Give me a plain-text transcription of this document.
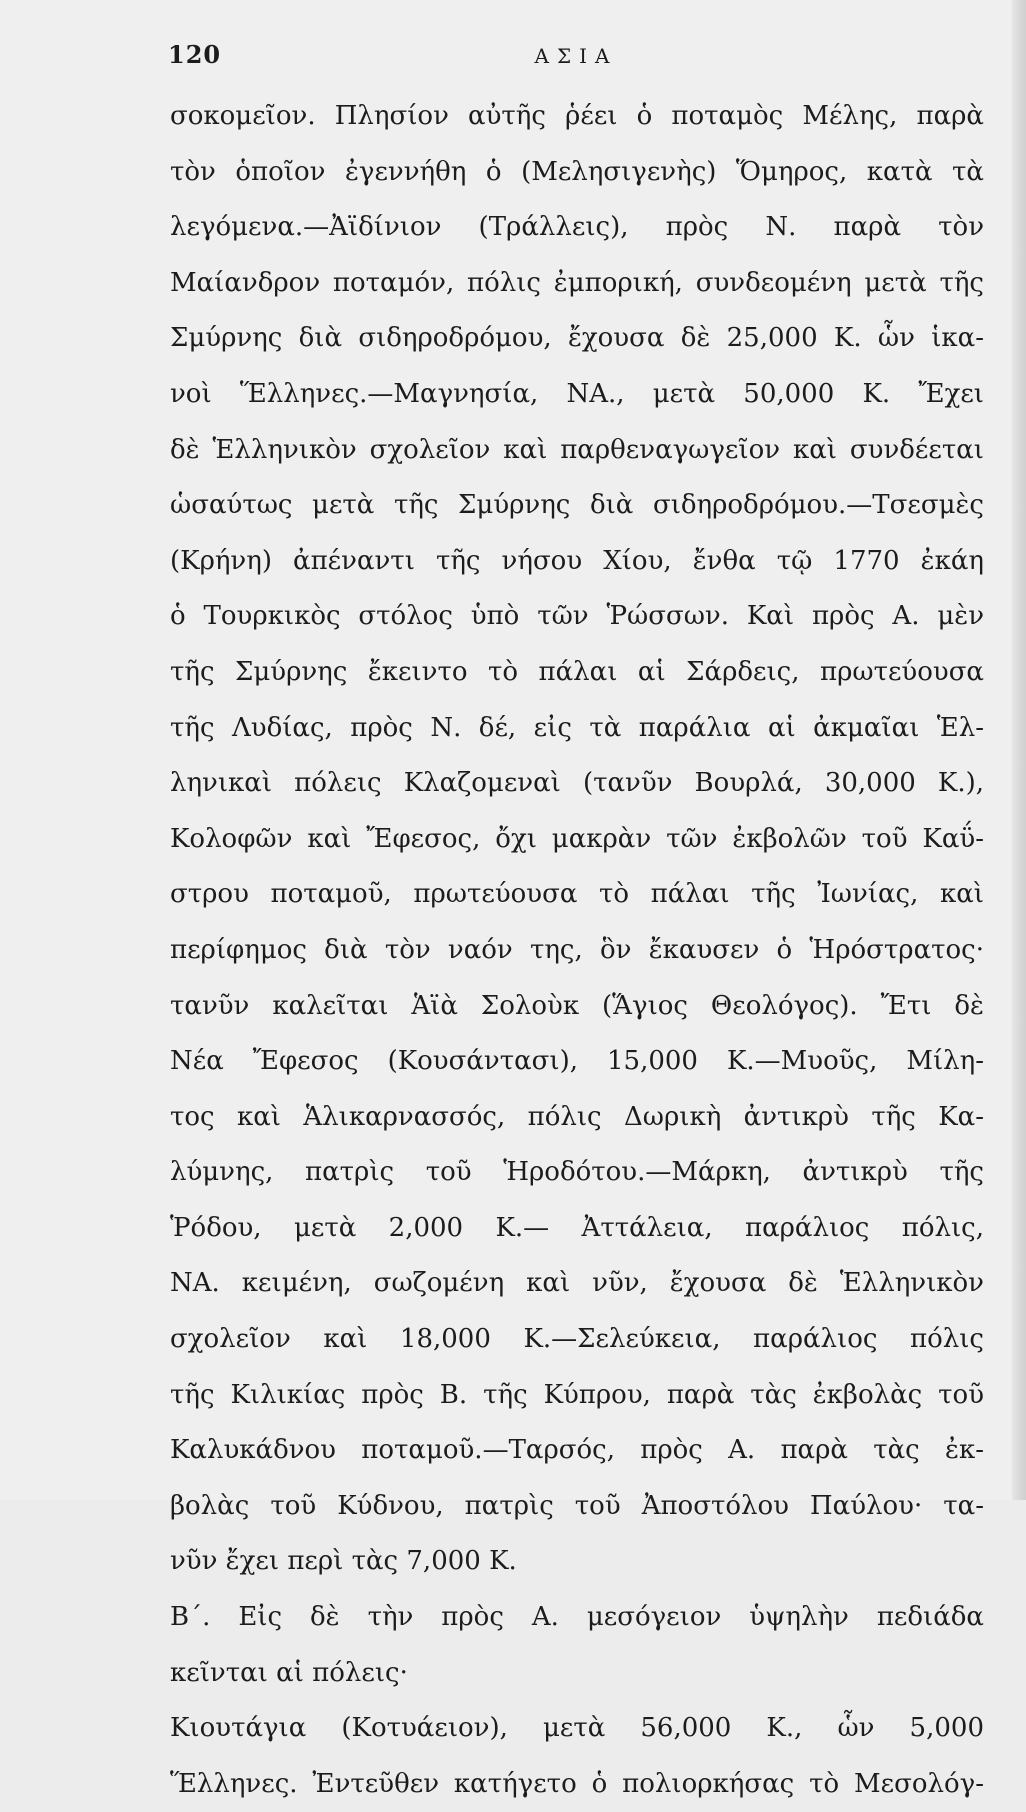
120	ΑΣΙΑ
σοκομεῖον. Πλησίον αὐτῆς ῥέει ὁ ποταμὸς Μέλης, παρὰ
τὸν ὁποῖον ἐγεννήθη ὁ (Μελησιγενὴς) Ὅμηρος, κατὰ τὰ
λεγόμενα.—Ἀϊδίνιον (Τράλλεις), πρὸς Ν. παρὰ τὸν
Μαίανδρον ποταμόν, πόλις ἐμπορική, συνδεομένη μετὰ τῆς
Σμύρνης διὰ σιδηροδρόμου, ἔχουσα δὲ 25,000 Κ. ὧν ἱκα-
νοὶ Ἕλληνες.—Μαγνησία, ΝΑ., μετὰ 50,000 Κ. Ἔχει
δὲ Ἑλληνικὸν σχολεῖον καὶ παρθεναγωγεῖον καὶ συνδέεται
ὡσαύτως μετὰ τῆς Σμύρνης διὰ σιδηροδρόμου.—Τσεσμὲς
(Κρήνη) ἀπέναντι τῆς νήσου Χίου, ἔνθα τῷ 1770 ἐκάη
ὁ Τουρκικὸς στόλος ὑπὸ τῶν Ῥώσσων. Καὶ πρὸς Α. μὲν
τῆς Σμύρνης ἔκειντο τὸ πάλαι αἱ Σάρδεις, πρωτεύουσα
τῆς Λυδίας, πρὸς Ν. δέ, εἰς τὰ παράλια αἱ ἀκμαῖαι Ἑλ-
ληνικαὶ πόλεις Κλαζομεναὶ (τανῦν Βουρλά, 30,000 Κ.),
Κολοφῶν καὶ Ἔφεσος, ὄχι μακρὰν τῶν ἐκβολῶν τοῦ Καΰ-
στρου ποταμοῦ, πρωτεύουσα τὸ πάλαι τῆς Ἰωνίας, καὶ
περίφημος διὰ τὸν ναόν της, ὃν ἔκαυσεν ὁ Ἡρόστρατος·
τανῦν καλεῖται Ἁϊὰ Σολοὺκ (Ἅγιος Θεολόγος). Ἔτι δὲ
Νέα Ἔφεσος (Κουσάντασι), 15,000 Κ.—Μυοῦς, Μίλη-
τος καὶ Ἁλικαρνασσός, πόλις Δωρικὴ ἀντικρὺ τῆς Κα-
λύμνης, πατρὶς τοῦ Ἡροδότου.—Μάρκη, ἀντικρὺ τῆς
Ῥόδου, μετὰ 2,000 Κ.— Ἀττάλεια, παράλιος πόλις,
ΝΑ. κειμένη, σωζομένη καὶ νῦν, ἔχουσα δὲ Ἑλληνικὸν
σχολεῖον καὶ 18,000 Κ.—Σελεύκεια, παράλιος πόλις
τῆς Κιλικίας πρὸς Β. τῆς Κύπρου, παρὰ τὰς ἐκβολὰς τοῦ
Καλυκάδνου ποταμοῦ.—Ταρσός, πρὸς Α. παρὰ τὰς ἐκ-
βολὰς τοῦ Κύδνου, πατρὶς τοῦ Ἀποστόλου Παύλου· τα-
νῦν ἔχει περὶ τὰς 7,000 Κ.
Β΄. Εἰς δὲ τὴν πρὸς Α. μεσόγειον ὑψηλὴν πεδιάδα
κεῖνται αἱ πόλεις·
Κιουτάγια (Κοτυάειον), μετὰ 56,000 Κ., ὧν 5,000
Ἕλληνες. Ἐντεῦθεν κατήγετο ὁ πολιορκήσας τὸ Μεσολόγ-
